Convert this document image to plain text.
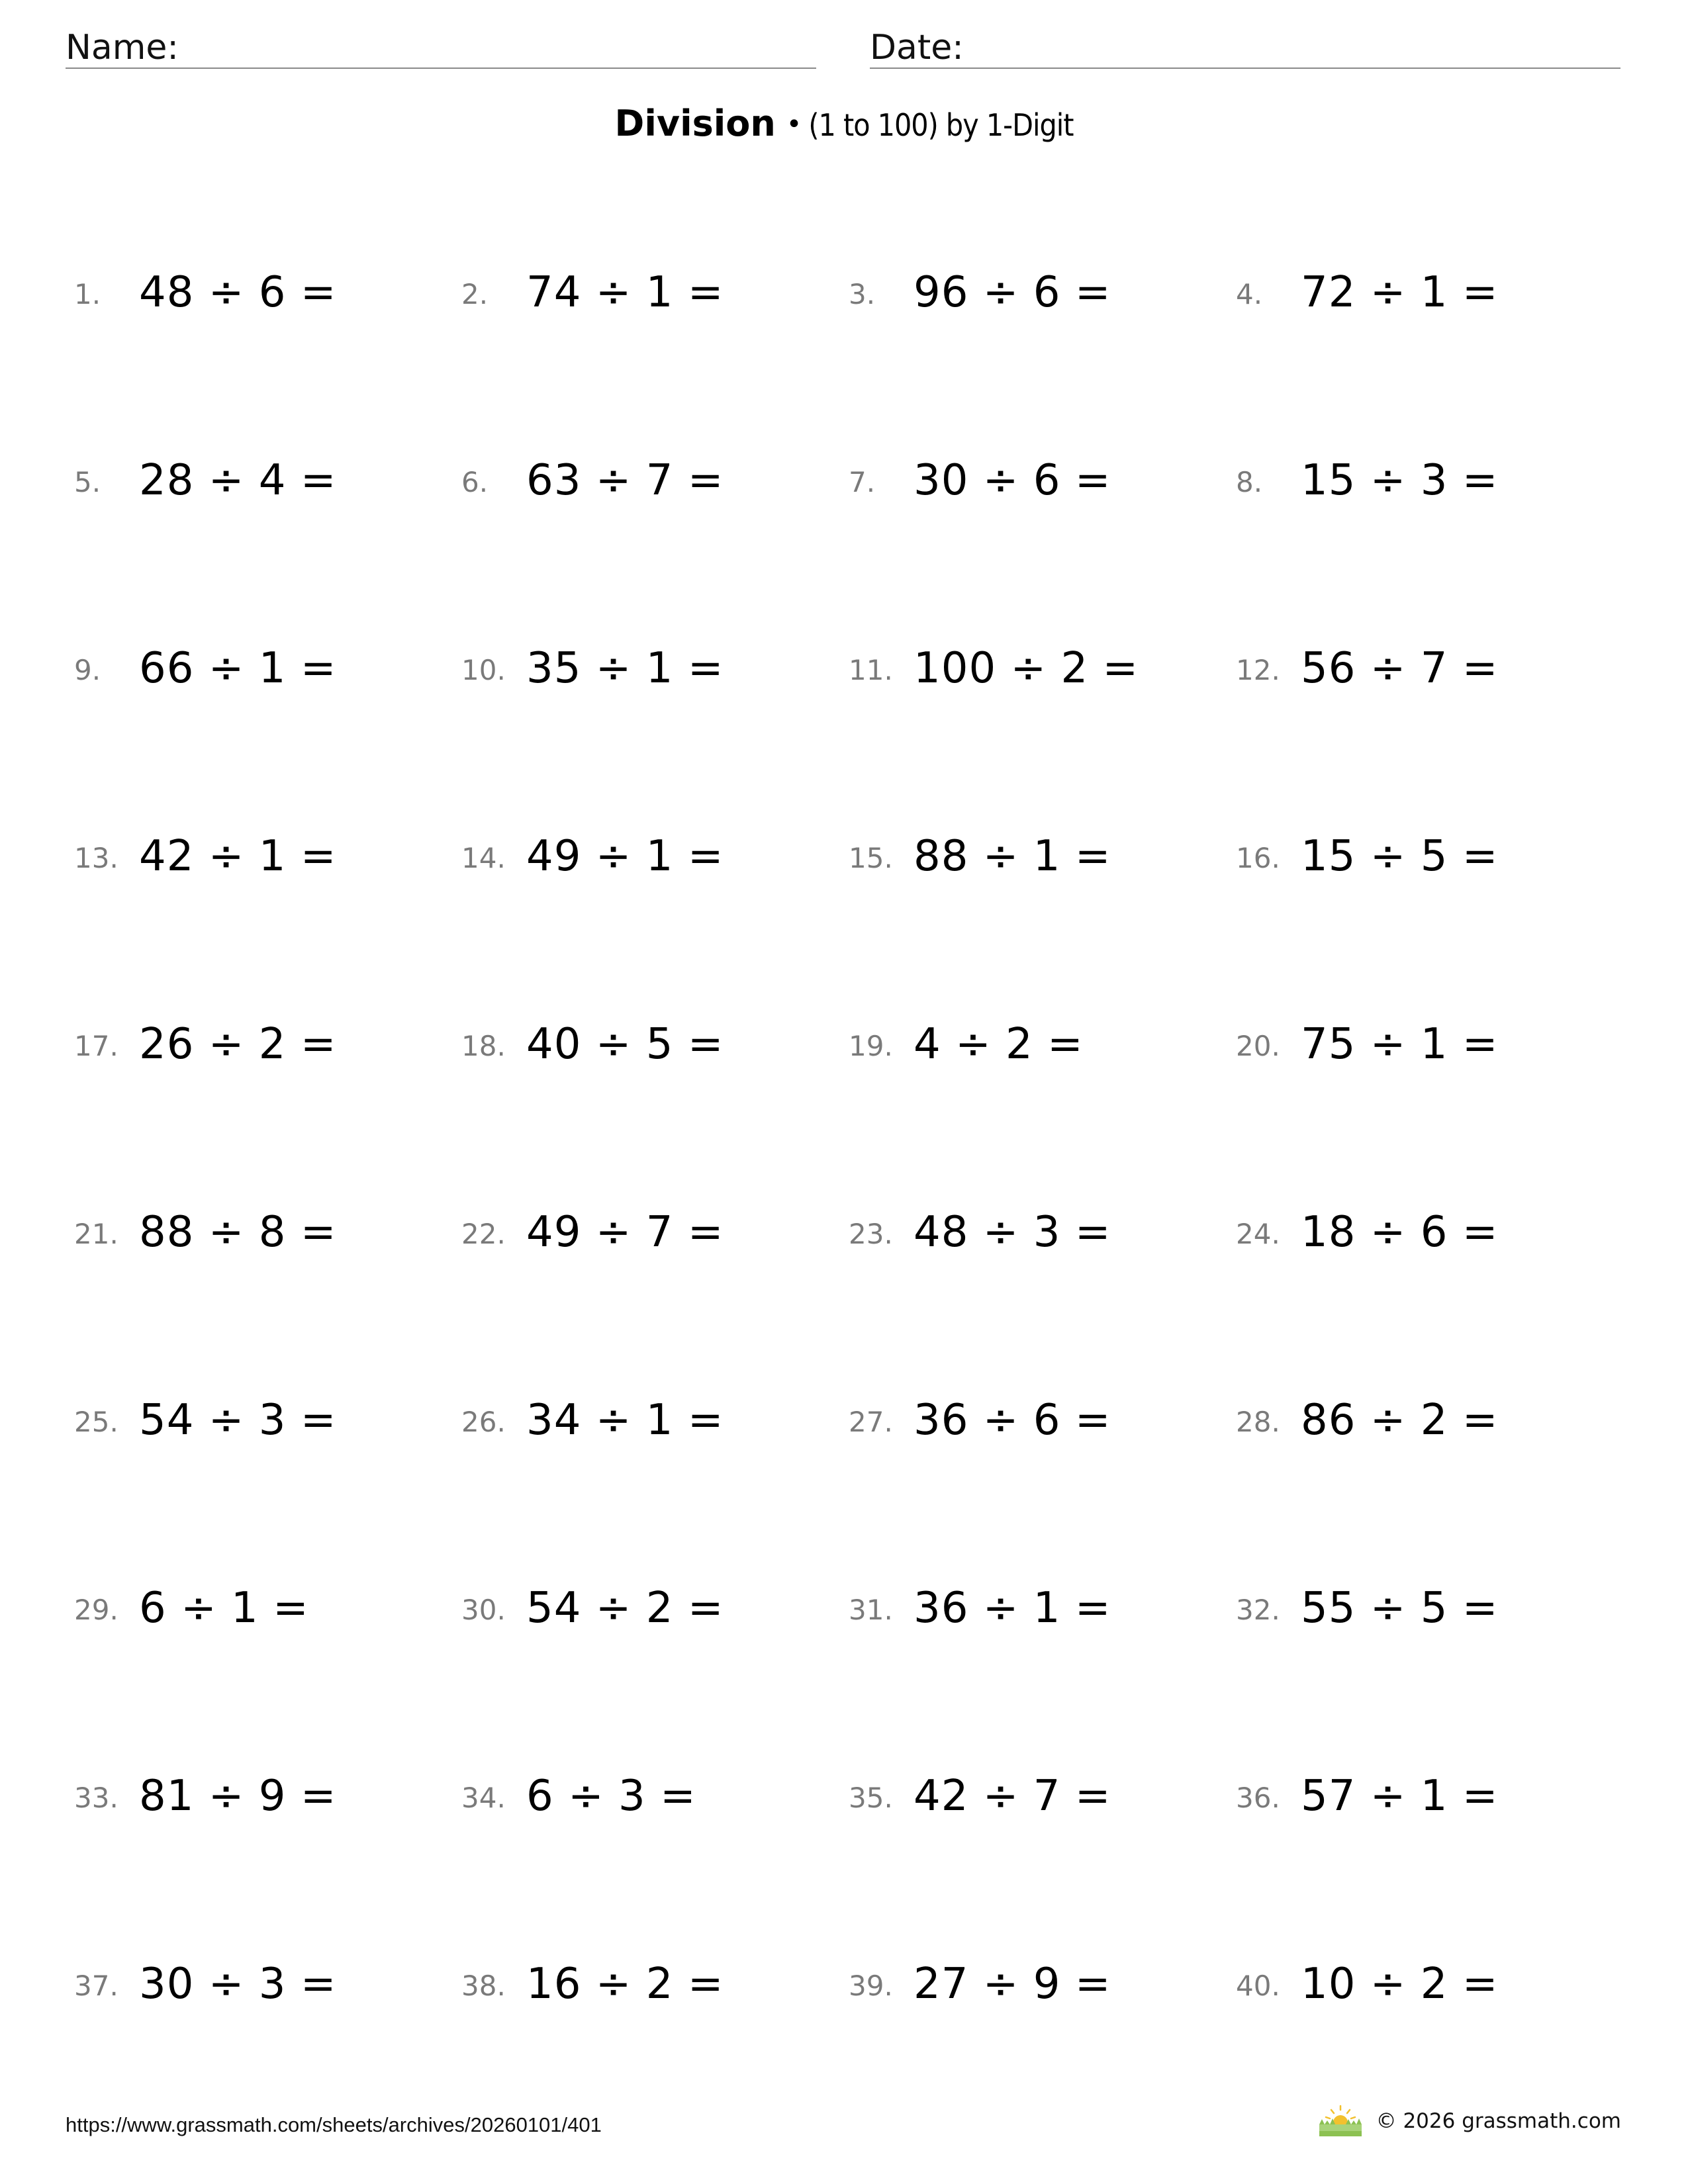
Name:	Date:
Division • (1 to 100) by 1-Digit
1. 48 ÷ 6 =	2. 74 ÷ 1 =	3. 96 ÷ 6 =	4. 72 ÷ 1 =
5. 28 ÷ 4 =	6. 63 ÷ 7 =	7. 30 ÷ 6 =	8. 15 ÷ 3 =
9. 66 ÷ 1 =	10. 35 ÷ 1 =	11. 100 ÷ 2 =	12. 56 ÷ 7 =
13. 42 ÷ 1 =	14. 49 ÷ 1 =	15. 88 ÷ 1 =	16. 15 ÷ 5 =
17. 26 ÷ 2 =	18. 40 ÷ 5 =	19. 4 ÷ 2 =	20. 75 ÷ 1 =
21. 88 ÷ 8 =	22. 49 ÷ 7 =	23. 48 ÷ 3 =	24. 18 ÷ 6 =
25. 54 ÷ 3 =	26. 34 ÷ 1 =	27. 36 ÷ 6 =	28. 86 ÷ 2 =
29. 6 ÷ 1 =	30. 54 ÷ 2 =	31. 36 ÷ 1 =	32. 55 ÷ 5 =
33. 81 ÷ 9 =	34. 6 ÷ 3 =	35. 42 ÷ 7 =	36. 57 ÷ 1 =
37. 30 ÷ 3 =	38. 16 ÷ 2 =	39. 27 ÷ 9 =	40. 10 ÷ 2 =
https://www.grassmath.com/sheets/archives/20260101/401	© 2026 grassmath.com
